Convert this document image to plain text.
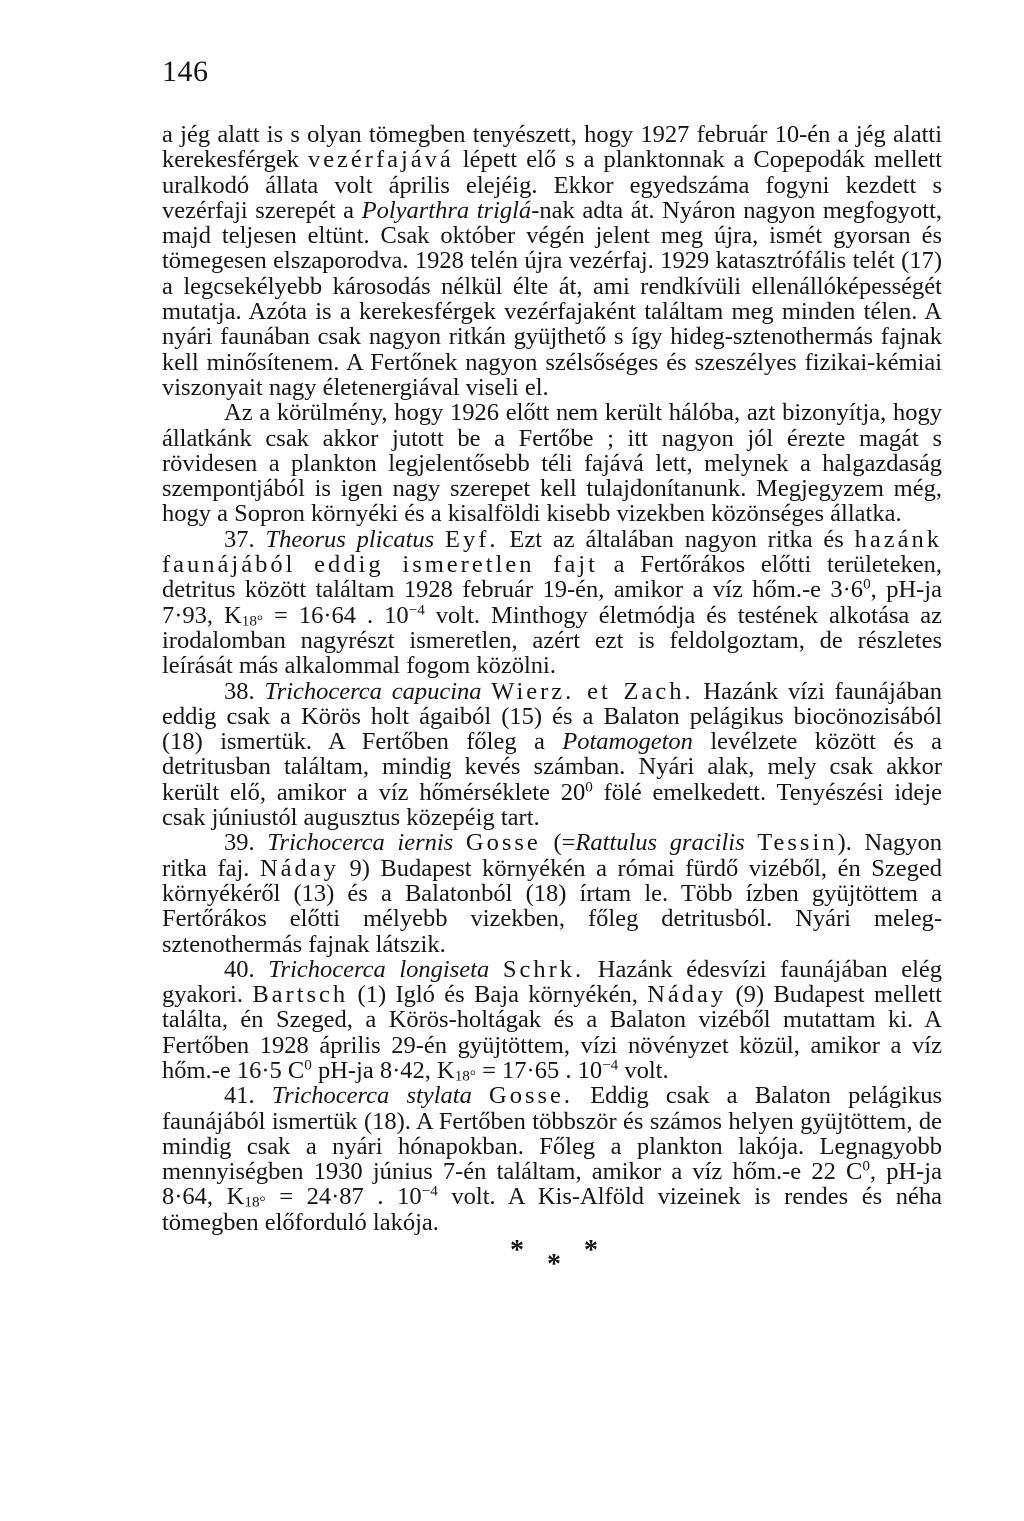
146

a jég alatt is s olyan tömegben tenyészett, hogy 1927 február 10-én a jég alatti kerekesférgek vezérfajává lépett elő s a planktonnak a Copepodák mellett uralkodó állata volt április elejéig. Ekkor egyedszáma fogyni kezdett s vezérfaji szerepét a Polyarthra triglá-nak adta át. Nyáron nagyon megfogyott, majd teljesen eltünt. Csak október végén jelent meg újra, ismét gyorsan és tömegesen elszaporodva. 1928 telén újra vezérfaj. 1929 katasztrófális telét (17) a legcsekélyebb károsodás nélkül élte át, ami rendkívüli ellenállóképességét mutatja. Azóta is a kerekesférgek vezérfajaként találtam meg minden télen. A nyári faunában csak nagyon ritkán gyüjthető s így hideg-sztenothermás fajnak kell minősítenem. A Fertőnek nagyon szélsőséges és szeszélyes fizikai-kémiai viszonyait nagy életenergiával viseli el.

Az a körülmény, hogy 1926 előtt nem került hálóba, azt bizonyítja, hogy állatkánk csak akkor jutott be a Fertőbe ; itt nagyon jól érezte magát s rövidesen a plankton legjelentősebb téli fajává lett, melynek a halgazdaság szempontjából is igen nagy szerepet kell tulajdonítanunk. Megjegyzem még, hogy a Sopron környéki és a kisalföldi kisebb vizekben közönséges állatka.

37. Theorus plicatus Eyf. Ezt az általában nagyon ritka és hazánk faunájából eddig ismeretlen fajt a Fertőrákos előtti területeken, detritus között találtam 1928 február 19-én, amikor a víz hőm.-e $3\cdot 6^0$, pH-ja 7·93, $K_{18^\circ} = 16\cdot 64$ . $10^{-4}$ volt. Minthogy életmódja és testének alkotása az irodalomban nagyrészt ismeretlen, azért ezt is feldolgoztam, de részletes leírását más alkalommal fogom közölni.

38. Trichocerca capucina Wierz. et Zach. Hazánk vízi faunájában eddig csak a Körös holt ágaiból (15) és a Balaton pelágikus biocönozisából (18) ismertük. A Fertőben főleg a Potamogeton levélzete között és a detritusban találtam, mindig kevés számban. Nyári alak, mely csak akkor került elő, amikor a víz hőmérséklete $20^0$ fölé emelkedett. Tenyészési ideje csak júniustól augusztus közepéig tart.

39. Trichocerca iernis Gosse (=Rattulus gracilis Tessin). Nagyon ritka faj. Náday 9) Budapest környékén a római fürdő vizéből, én Szeged környékéről (13) és a Balatonból (18) írtam le. Több ízben gyüjtöttem a Fertőrákos előtti mélyebb vizekben, főleg detritusból. Nyári meleg-sztenothermás fajnak látszik.

40. Trichocerca longiseta Schrk. Hazánk édesvízi faunájában elég gyakori. Bartsch (1) Igló és Baja környékén, Náday (9) Budapest mellett találta, én Szeged, a Körös-holtágak és a Balaton vizéből mutattam ki. A Fertőben 1928 április 29-én gyüjtöttem, vízi növényzet közül, amikor a víz hőm.-e 16·5 $C^0$ pH-ja 8·42, $K_{18^\circ} = 17\cdot 65$ . $10^{-4}$ volt.

41. Trichocerca stylata Gosse. Eddig csak a Balaton pelágikus faunájából ismertük (18). A Fertőben többször és számos helyen gyüjtöttem, de mindig csak a nyári hónapokban. Főleg a plankton lakója. Legnagyobb mennyiségben 1930 június 7-én találtam, amikor a víz hőm.-e 22 $C^0$, pH-ja 8·64, $K_{18^\circ} = 24\cdot 87$ . $10^{-4}$ volt. A Kis-Alföld vizeinek is rendes és néha tömegben előforduló lakója.

* * *
